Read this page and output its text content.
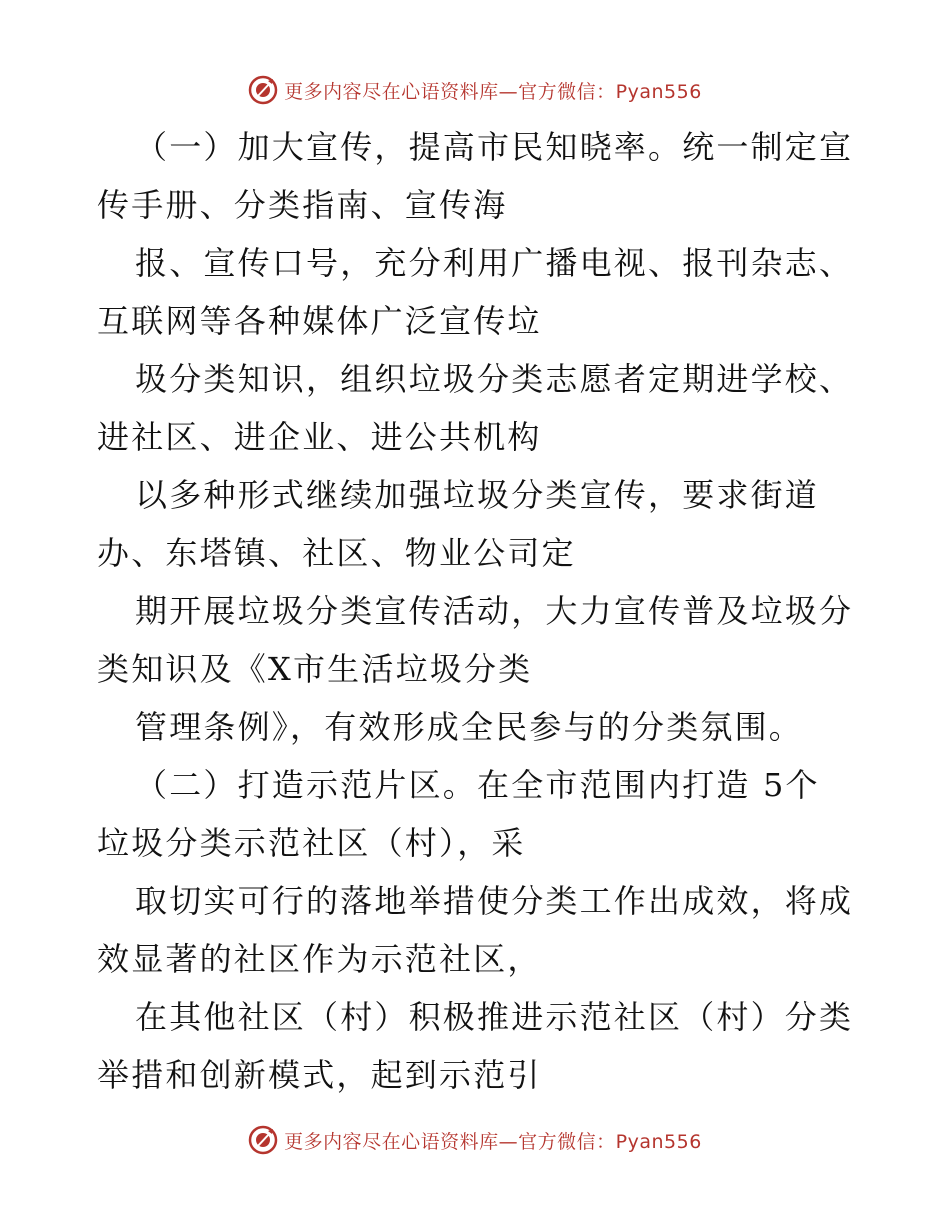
更多内容尽在心语资料库—官方微信：Pyan556

（一）加大宣传，提高市民知晓率。统一制定宣

传手册、分类指南、宣传海

报、宣传口号，充分利用广播电视、报刊杂志、

互联网等各种媒体广泛宣传垃

圾分类知识，组织垃圾分类志愿者定期进学校、

进社区、进企业、进公共机构

以多种形式继续加强垃圾分类宣传，要求街道

办、东塔镇、社区、物业公司定

期开展垃圾分类宣传活动，大力宣传普及垃圾分

类知识及《X市生活垃圾分类

管理条例》，有效形成全民参与的分类氛围。

（二）打造示范片区。在全市范围内打造 5个

垃圾分类示范社区（村），采

取切实可行的落地举措使分类工作出成效，将成

效显著的社区作为示范社区，

在其他社区（村）积极推进示范社区（村）分类

举措和创新模式，起到示范引

更多内容尽在心语资料库—官方微信：Pyan556
